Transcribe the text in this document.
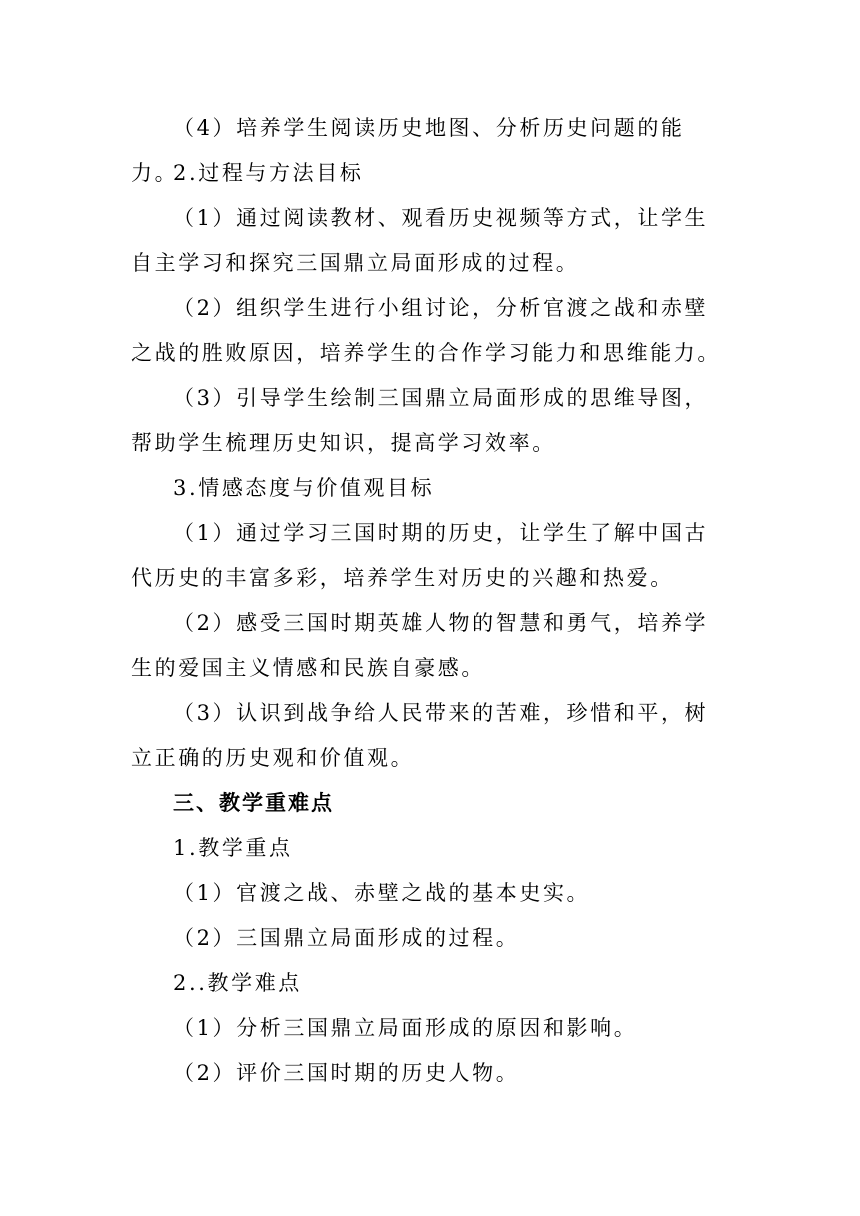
（4）培养学生阅读历史地图、分析历史问题的能力。
2.过程与方法目标
（1）通过阅读教材、观看历史视频等方式，让学生自主学习和探究三国鼎立局面形成的过程。
（2）组织学生进行小组讨论，分析官渡之战和赤壁之战的胜败原因，培养学生的合作学习能力和思维能力。
（3）引导学生绘制三国鼎立局面形成的思维导图，帮助学生梳理历史知识，提高学习效率。
3.情感态度与价值观目标
（1）通过学习三国时期的历史，让学生了解中国古代历史的丰富多彩，培养学生对历史的兴趣和热爱。
（2）感受三国时期英雄人物的智慧和勇气，培养学生的爱国主义情感和民族自豪感。
（3）认识到战争给人民带来的苦难，珍惜和平，树立正确的历史观和价值观。
三、教学重难点
1.教学重点
（1）官渡之战、赤壁之战的基本史实。
（2）三国鼎立局面形成的过程。
2..教学难点
（1）分析三国鼎立局面形成的原因和影响。
（2）评价三国时期的历史人物。
